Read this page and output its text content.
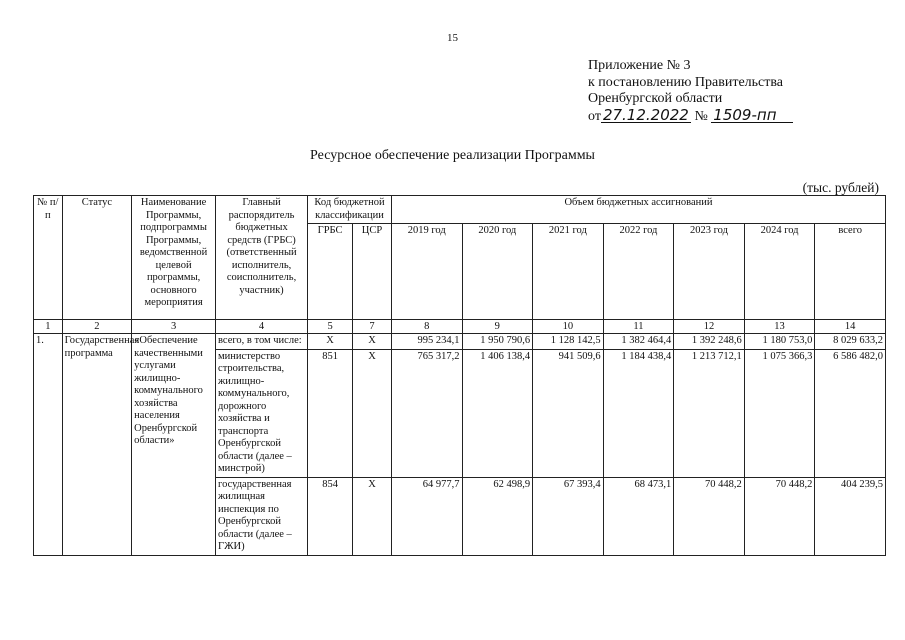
15
Приложение № 3
к постановлению Правительства
Оренбургской области
от 27.12.2022 № 1509-пп
Ресурсное обеспечение реализации Программы
(тыс. рублей)
№ п/п	Статус	Наименование Программы, подпрограммы Программы, ведомственной целевой программы, основного мероприятия	Главный распорядитель бюджетных средств (ГРБС) (ответственный исполнитель, соисполнитель, участник)	Код бюджетной классификации		Объем бюджетных ассигнований						
				ГРБС	ЦСР	2019 год	2020 год	2021 год	2022 год	2023 год	2024 год	всего
1	2	3	4	5	7	8	9	10	11	12	13	14
1.	Государственная программа	«Обеспечение качественными услугами жилищно-коммунального хозяйства населения Оренбургской области»	всего, в том числе:	Х	Х	995 234,1	1 950 790,6	1 128 142,5	1 382 464,4	1 392 248,6	1 180 753,0	8 029 633,2
			министерство строительства, жилищно-коммунального, дорожного хозяйства и транспорта Оренбургской области (далее – минстрой)	851	Х	765 317,2	1 406 138,4	941 509,6	1 184 438,4	1 213 712,1	1 075 366,3	6 586 482,0
			государственная жилищная инспекция по Оренбургской области (далее – ГЖИ)	854	Х	64 977,7	62 498,9	67 393,4	68 473,1	70 448,2	70 448,2	404 239,5
